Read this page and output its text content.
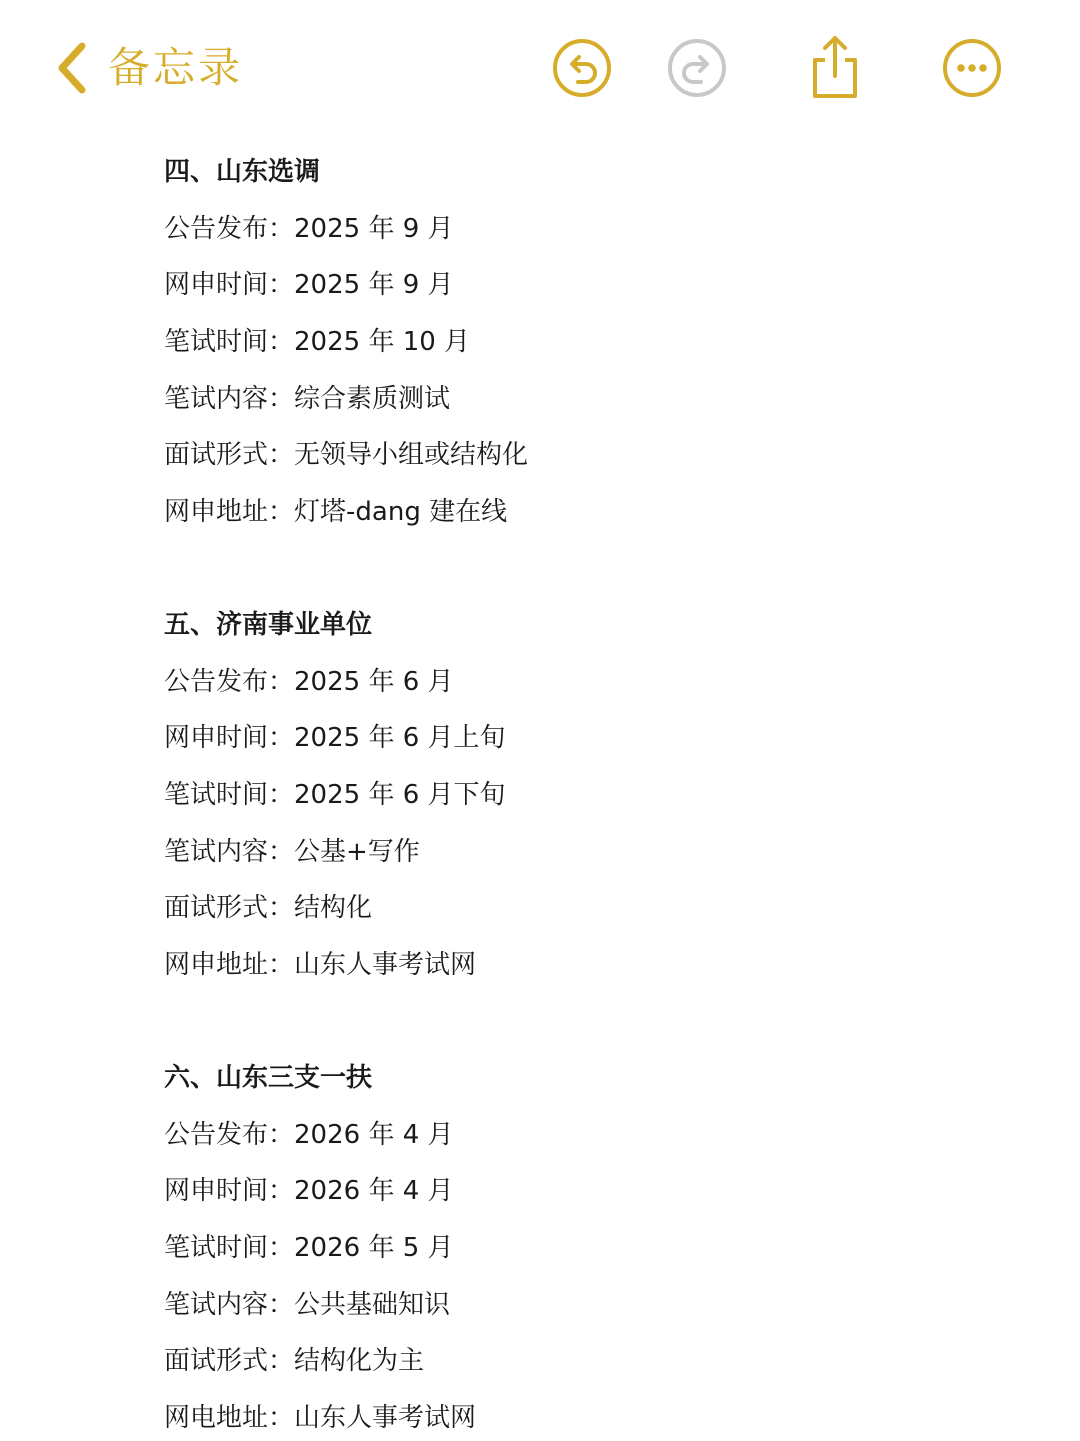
备忘录
四、山东选调
公告发布： 2025 年 9 月
网申时间： 2025 年 9 月
笔试时间： 2025 年 10 月
笔试内容： 综合素质测试
面试形式： 无领导小组或结构化
网申地址： 灯塔-dang 建在线
五、济南事业单位
公告发布： 2025 年 6 月
网申时间： 2025 年 6 月上旬
笔试时间： 2025 年 6 月下旬
笔试内容： 公基+写作
面试形式： 结构化
网申地址： 山东人事考试网
六、山东三支一扶
公告发布： 2026 年 4 月
网申时间： 2026 年 4 月
笔试时间： 2026 年 5 月
笔试内容： 公共基础知识
面试形式： 结构化为主
网电地址： 山东人事考试网
